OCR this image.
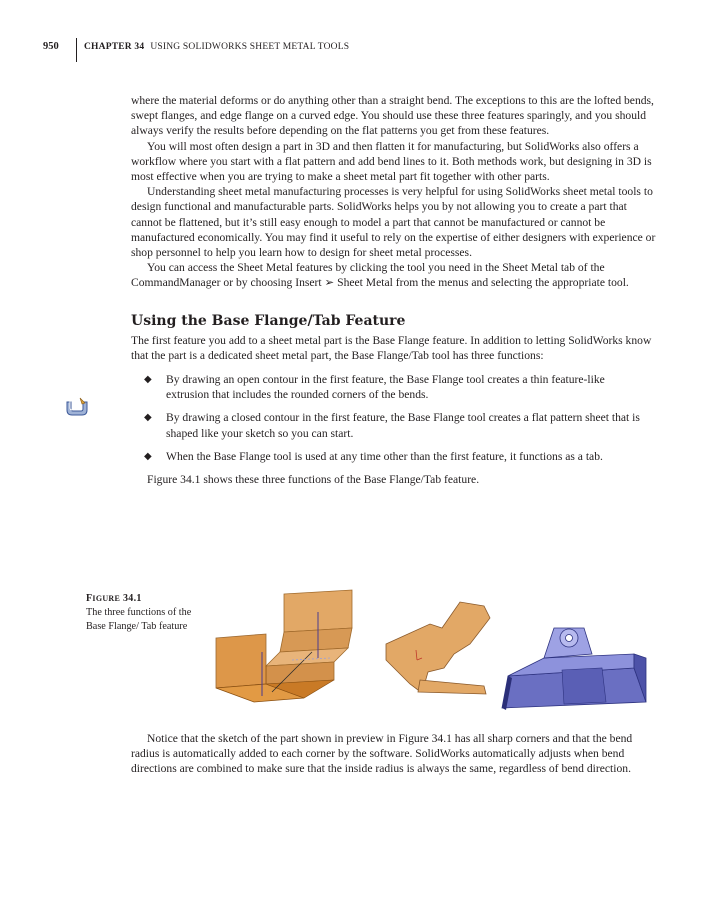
950	CHAPTER 34 USING SOLIDWORKS SHEET METAL TOOLS

where the material deforms or do anything other than a straight bend. The exceptions to this are the lofted bends, swept flanges, and edge flange on a curved edge. You should use these three features sparingly, and you should always verify the results before depending on the flat patterns you get from these features.

You will most often design a part in 3D and then flatten it for manufacturing, but SolidWorks also offers a workflow where you start with a flat pattern and add bend lines to it. Both methods work, but designing in 3D is most effective when you are trying to make a sheet metal part fit together with other parts.

Understanding sheet metal manufacturing processes is very helpful for using SolidWorks sheet metal tools to design functional and manufacturable parts. SolidWorks helps you by not allowing you to create a part that cannot be flattened, but it’s still easy enough to model a part that cannot be manufactured or cannot be manufactured economically. You may find it useful to rely on the expertise of either designers with experience or shop personnel to help you learn how to design for sheet metal processes.

You can access the Sheet Metal features by clicking the tool you need in the Sheet Metal tab of the CommandManager or by choosing Insert ➢ Sheet Metal from the menus and selecting the appropriate tool.

Using the Base Flange/Tab Feature

The first feature you add to a sheet metal part is the Base Flange feature. In addition to letting SolidWorks know that the part is a dedicated sheet metal part, the Base Flange/Tab tool has three functions:

◆ By drawing an open contour in the first feature, the Base Flange tool creates a thin feature-like extrusion that includes the rounded corners of the bends.
◆ By drawing a closed contour in the first feature, the Base Flange tool creates a flat pattern sheet that is shaped like your sketch so you can start.
◆ When the Base Flange tool is used at any time other than the first feature, it functions as a tab.

Figure 34.1 shows these three functions of the Base Flange/Tab feature.

FIGURE 34.1
The three functions of the Base Flange/ Tab feature

Notice that the sketch of the part shown in preview in Figure 34.1 has all sharp corners and that the bend radius is automatically added to each corner by the software. SolidWorks automatically adjusts when bend directions are combined to make sure that the inside radius is always the same, regardless of bend direction.
